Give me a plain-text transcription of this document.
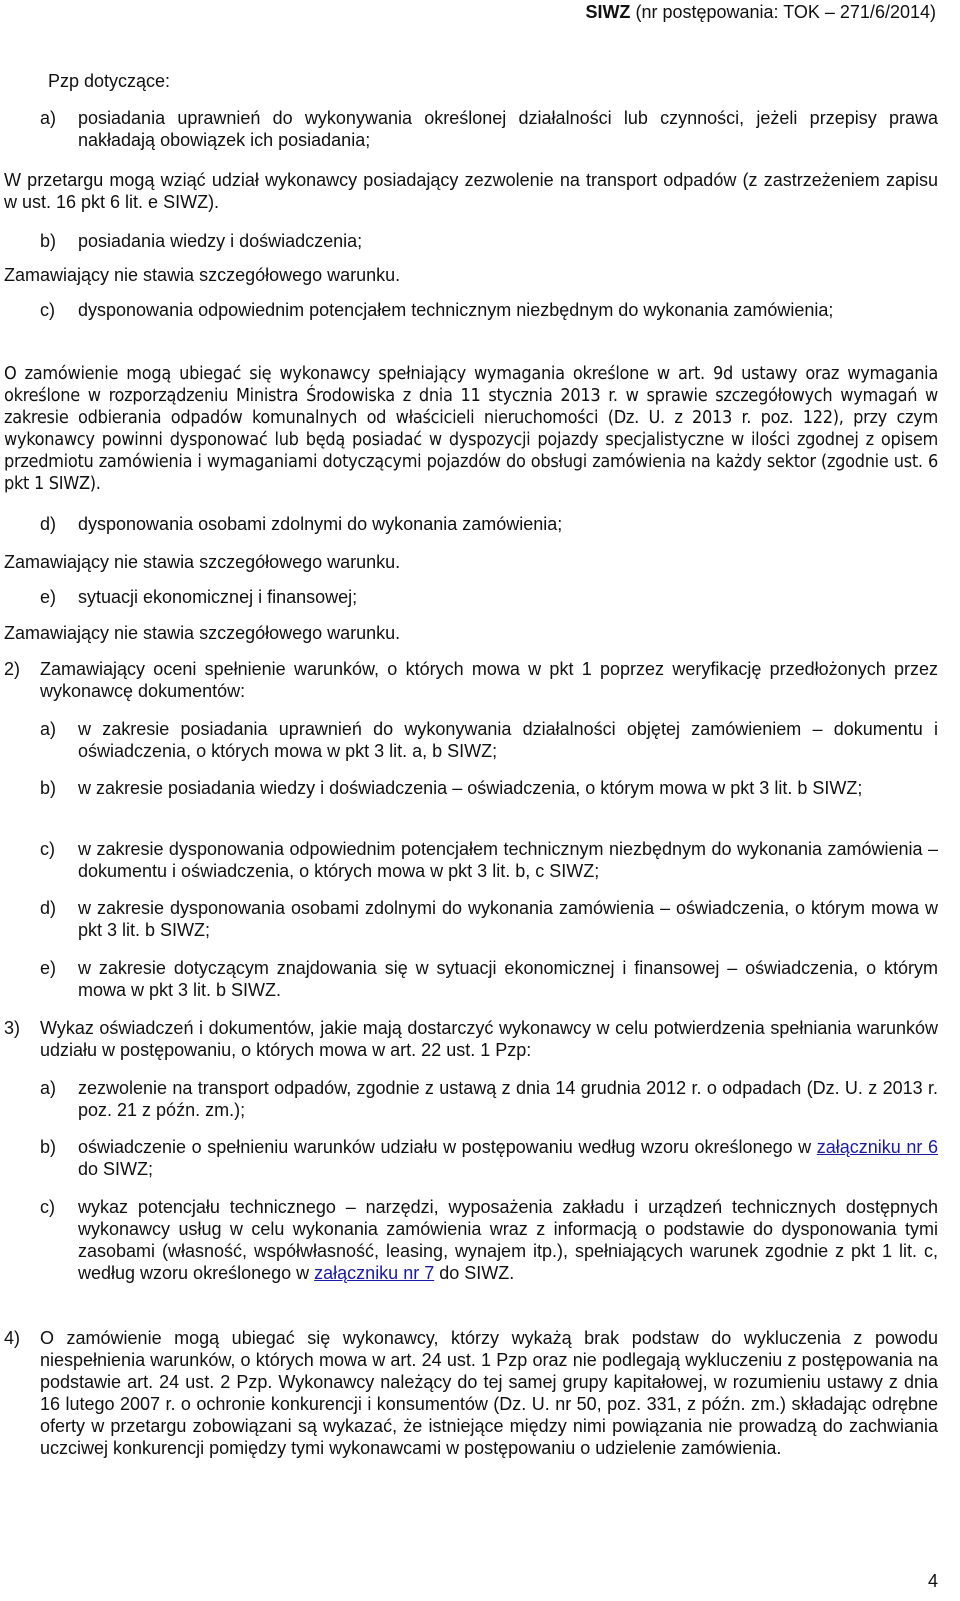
SIWZ (nr postępowania: TOK – 271/6/2014)
Pzp dotyczące:
a) posiadania uprawnień do wykonywania określonej działalności lub czynności, jeżeli przepisy prawa nakładają obowiązek ich posiadania;
W przetargu mogą wziąć udział wykonawcy posiadający zezwolenie na transport odpadów (z zastrzeżeniem zapisu w ust. 16 pkt 6 lit. e SIWZ).
b) posiadania wiedzy i doświadczenia;
Zamawiający nie stawia szczegółowego warunku.
c) dysponowania odpowiednim potencjałem technicznym niezbędnym do wykonania zamówienia;
O zamówienie mogą ubiegać się wykonawcy spełniający wymagania określone w art. 9d ustawy oraz wymagania określone w rozporządzeniu Ministra Środowiska z dnia 11 stycznia 2013 r. w sprawie szczegółowych wymagań w zakresie odbierania odpadów komunalnych od właścicieli nieruchomości (Dz. U. z 2013 r. poz. 122), przy czym wykonawcy powinni dysponować lub będą posiadać w dyspozycji pojazdy specjalistyczne w ilości zgodnej z opisem przedmiotu zamówienia i wymaganiami dotyczącymi pojazdów do obsługi zamówienia na każdy sektor (zgodnie ust. 6 pkt 1 SIWZ).
d) dysponowania osobami zdolnymi do wykonania zamówienia;
Zamawiający nie stawia szczegółowego warunku.
e) sytuacji ekonomicznej i finansowej;
Zamawiający nie stawia szczegółowego warunku.
2) Zamawiający oceni spełnienie warunków, o których mowa w pkt 1 poprzez weryfikację przedłożonych przez wykonawcę dokumentów:
a) w zakresie posiadania uprawnień do wykonywania działalności objętej zamówieniem – dokumentu i oświadczenia, o których mowa w pkt 3 lit. a, b SIWZ;
b) w zakresie posiadania wiedzy i doświadczenia – oświadczenia, o którym mowa w pkt 3 lit. b SIWZ;
c) w zakresie dysponowania odpowiednim potencjałem technicznym niezbędnym do wykonania zamówienia – dokumentu i oświadczenia, o których mowa w pkt 3 lit. b, c SIWZ;
d) w zakresie dysponowania osobami zdolnymi do wykonania zamówienia – oświadczenia, o którym mowa w pkt 3 lit. b SIWZ;
e) w zakresie dotyczącym znajdowania się w sytuacji ekonomicznej i finansowej – oświadczenia, o którym mowa w pkt 3 lit. b SIWZ.
3) Wykaz oświadczeń i dokumentów, jakie mają dostarczyć wykonawcy w celu potwierdzenia spełniania warunków udziału w postępowaniu, o których mowa w art. 22 ust. 1 Pzp:
a) zezwolenie na transport odpadów, zgodnie z ustawą z dnia 14 grudnia 2012 r. o odpadach (Dz. U. z 2013 r. poz. 21 z późn. zm.);
b) oświadczenie o spełnieniu warunków udziału w postępowaniu według wzoru określonego w załączniku nr 6 do SIWZ;
c) wykaz potencjału technicznego – narzędzi, wyposażenia zakładu i urządzeń technicznych dostępnych wykonawcy usług w celu wykonania zamówienia wraz z informacją o podstawie do dysponowania tymi zasobami (własność, współwłasność, leasing, wynajem itp.), spełniających warunek zgodnie z pkt 1 lit. c, według wzoru określonego w załączniku nr 7 do SIWZ.
4) O zamówienie mogą ubiegać się wykonawcy, którzy wykażą brak podstaw do wykluczenia z powodu niespełnienia warunków, o których mowa w art. 24 ust. 1 Pzp oraz nie podlegają wykluczeniu z postępowania na podstawie art. 24 ust. 2 Pzp. Wykonawcy należący do tej samej grupy kapitałowej, w rozumieniu ustawy z dnia 16 lutego 2007 r. o ochronie konkurencji i konsumentów (Dz. U. nr 50, poz. 331, z późn. zm.) składając odrębne oferty w przetargu zobowiązani są wykazać, że istniejące między nimi powiązania nie prowadzą do zachwiania uczciwej konkurencji pomiędzy tymi wykonawcami w postępowaniu o udzielenie zamówienia.
4
